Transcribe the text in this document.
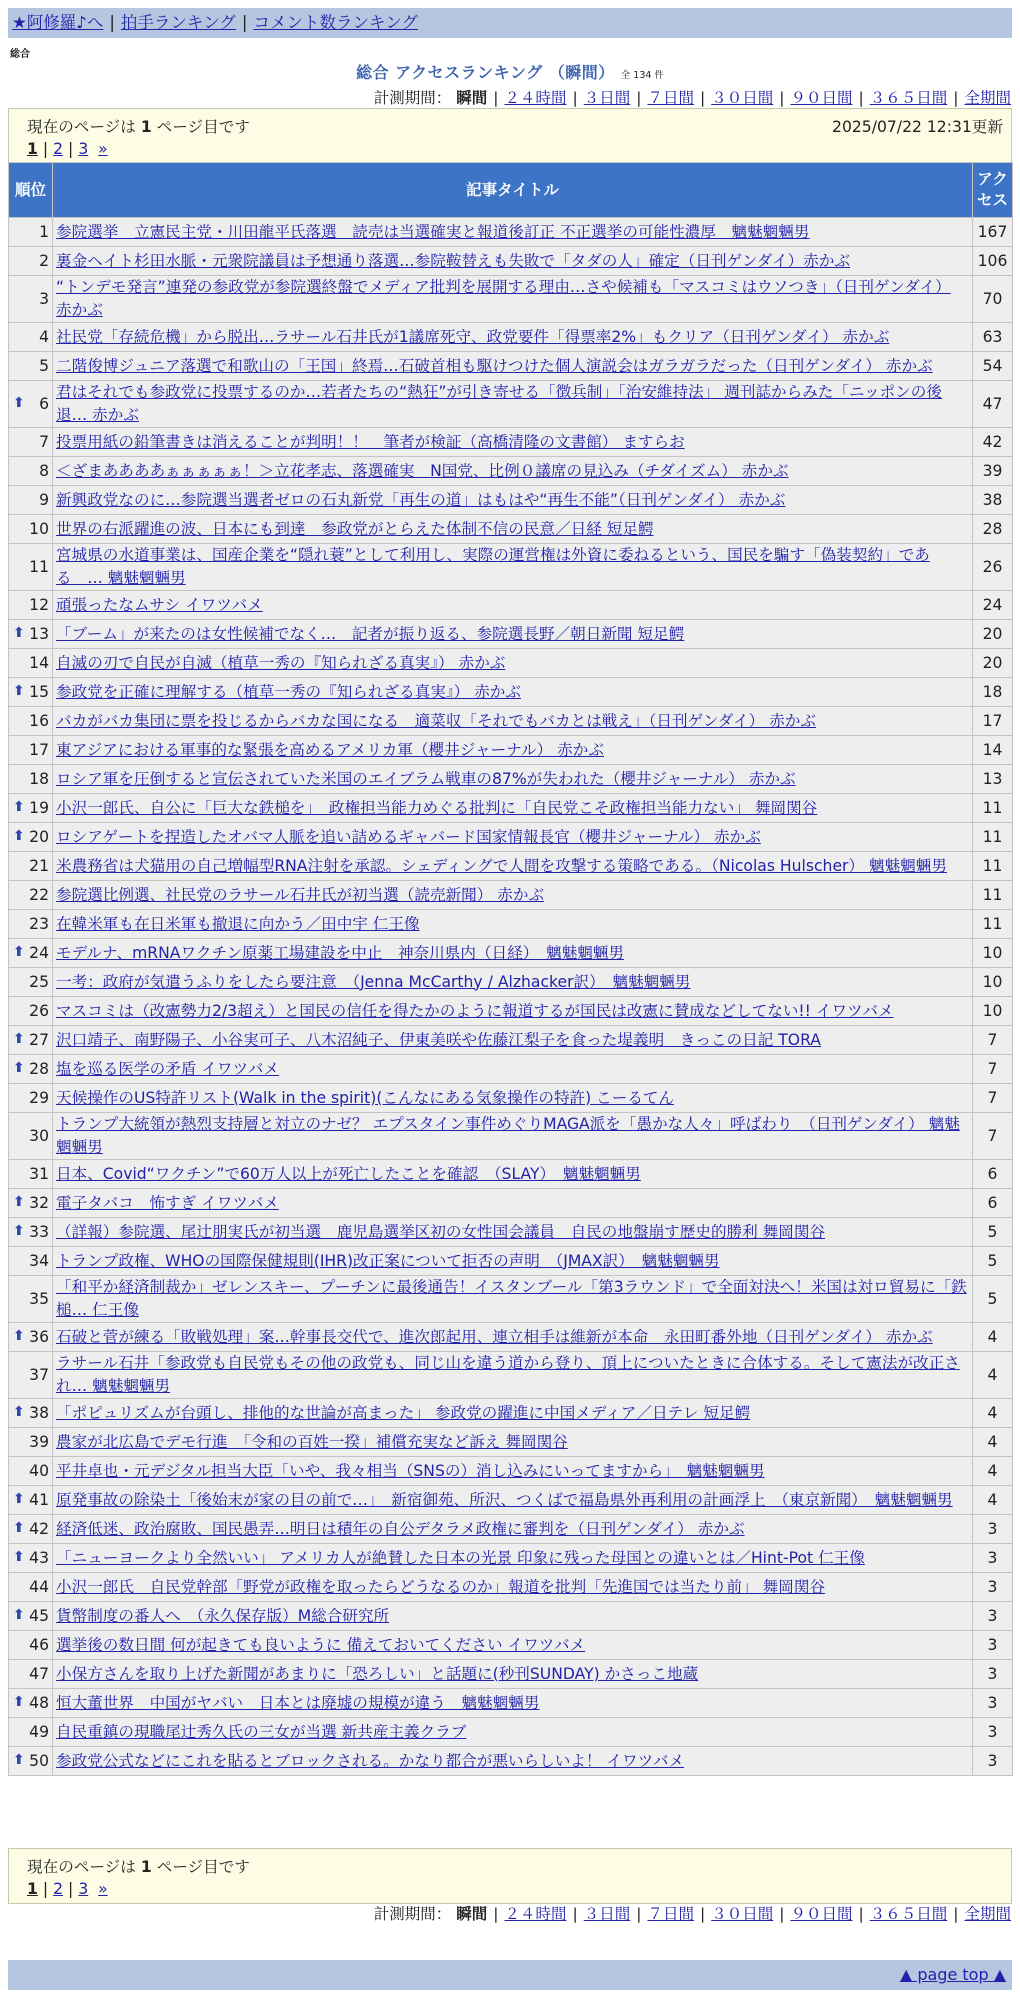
★阿修羅♪へ | 拍手ランキング | コメント数ランキング
総合
総合 アクセスランキング （瞬間） 全 134 件
計測期間： 瞬間 | ２４時間 | ３日間 | ７日間 | ３０日間 | ９０日間 | ３６５日間 | 全期間
現在のページは 1 ページ目です	2025/07/22 12:31更新
1 | 2 | 3 »
順位	記事タイトル	アクセス
1	参院選挙　立憲民主党・川田龍平氏落選　読売は当選確実と報道後訂正 不正選挙の可能性濃厚　魑魅魍魎男	167
2	裏金ヘイト杉田水脈・元衆院議員は予想通り落選…参院鞍替えも失敗で「タダの人」確定（日刊ゲンダイ）赤かぶ	106
3	“トンデモ発言”連発の参政党が参院選終盤でメディア批判を展開する理由…さや候補も「マスコミはウソつき」（日刊ゲンダイ） 赤かぶ	70
4	社民党「存続危機」から脱出…ラサール石井氏が1議席死守、政党要件「得票率2%」もクリア（日刊ゲンダイ） 赤かぶ	63
5	二階俊博ジュニア落選で和歌山の「王国」終焉…石破首相も駆けつけた個人演説会はガラガラだった（日刊ゲンダイ） 赤かぶ	54

⬆ 6	君はそれでも参政党に投票するのか…若者たちの“熱狂”が引き寄せる「徴兵制」「治安維持法」 週刊誌からみた「ニッポンの後退… 赤かぶ	47
7	投票用紙の鉛筆書きは消えることが判明！！　筆者が検証（高橋清隆の文書館） ますらお	42
8	＜ざまああああぁぁぁぁぁ！＞立花孝志、落選確実　N国党、比例０議席の見込み（チダイズム） 赤かぶ	39
9	新興政党なのに…参院選当選者ゼロの石丸新党「再生の道」はもはや“再生不能”（日刊ゲンダイ） 赤かぶ	38
10	世界の右派躍進の波、日本にも到達　参政党がとらえた体制不信の民意／日経 短足鰐	28
11	宮城県の水道事業は、国産企業を“隠れ蓑”として利用し、実際の運営権は外資に委ねるという、国民を騙す「偽装契約」である　… 魑魅魍魎男	26
12	頑張ったなムサシ イワツバメ	24

⬆ 13	「ブーム」が来たのは女性候補でなく…　記者が振り返る、参院選長野／朝日新聞 短足鰐	20
14	自滅の刃で自民が自滅（植草一秀の『知られざる真実』） 赤かぶ	20

⬆ 15	参政党を正確に理解する（植草一秀の『知られざる真実』） 赤かぶ	18
16	バカがバカ集団に票を投じるからバカな国になる　適菜収「それでもバカとは戦え」（日刊ゲンダイ） 赤かぶ	17
17	東アジアにおける軍事的な緊張を高めるアメリカ軍（櫻井ジャーナル） 赤かぶ	14
18	ロシア軍を圧倒すると宣伝されていた米国のエイブラム戦車の87%が失われた（櫻井ジャーナル） 赤かぶ	13

⬆ 19	小沢一郎氏、自公に「巨大な鉄槌を」　政権担当能力めぐる批判に「自民党こそ政権担当能力ない」 舞岡関谷	11

⬆ 20	ロシアゲートを捏造したオバマ人脈を追い詰めるギャバード国家情報長官（櫻井ジャーナル） 赤かぶ	11
21	米農務省は犬猫用の自己増幅型RNA注射を承認。シェディングで人間を攻撃する策略である。（Nicolas Hulscher） 魑魅魍魎男	11
22	参院選比例選、社民党のラサール石井氏が初当選（読売新聞） 赤かぶ	11
23	在韓米軍も在日米軍も撤退に向かう／田中宇 仁王像	11

⬆ 24	モデルナ、mRNAワクチン原薬工場建設を中止　神奈川県内（日経）　魑魅魍魎男	10
25	一考：政府が気遣うふりをしたら要注意　（Jenna McCarthy / Alzhacker訳）　魑魅魍魎男	10
26	マスコミは（改憲勢力2/3超え）と国民の信任を得たかのように報道するが国民は改憲に賛成などしてない!! イワツバメ	10

⬆ 27	沢口靖子、南野陽子、小谷実可子、八木沼純子、伊東美咲や佐藤江梨子を食った堤義明　きっこの日記 TORA	7

⬆ 28	塩を巡る医学の矛盾 イワツバメ	7
29	天候操作のUS特許リスト(Walk in the spirit)(こんなにある気象操作の特許) こーるてん	7
30	トランプ大統領が熱烈支持層と対立のナゼ？ エプスタイン事件めぐりMAGA派を「愚かな人々」呼ばわり　（日刊ゲンダイ） 魑魅魍魎男	7
31	日本、Covid“ワクチン”で60万人以上が死亡したことを確認　（SLAY）　魑魅魍魎男	6

⬆ 32	電子タバコ　怖すぎ イワツバメ	6

⬆ 33	（詳報）参院選、尾辻朋実氏が初当選　鹿児島選挙区初の女性国会議員　自民の地盤崩す歴史的勝利 舞岡関谷	5
34	トランプ政権、WHOの国際保健規則(IHR)改正案について拒否の声明　（JMAX訳）　魑魅魍魎男	5
35	「和平か経済制裁か」ゼレンスキー、プーチンに最後通告！イスタンブール「第3ラウンド」で全面対決へ！米国は対ロ貿易に「鉄槌… 仁王像	5

⬆ 36	石破と菅が練る「敗戦処理」案…幹事長交代で、進次郎起用、連立相手は維新が本命　永田町番外地（日刊ゲンダイ） 赤かぶ	4
37	ラサール石井「参政党も自民党もその他の政党も、同じ山を違う道から登り、頂上についたときに合体する。そして憲法が改正され… 魑魅魍魎男	4

⬆ 38	「ポピュリズムが台頭し、排他的な世論が高まった」 参政党の躍進に中国メディア／日テレ 短足鰐	4
39	農家が北広島でデモ行進　「令和の百姓一揆」補償充実など訴え 舞岡関谷	4
40	平井卓也・元デジタル担当大臣「いや、我々相当（SNSの）消し込みにいってますから」　魑魅魍魎男	4

⬆ 41	原発事故の除染土「後始末が家の目の前で…」　新宿御苑、所沢、つくばで福島県外再利用の計画浮上　（東京新聞）　魑魅魍魎男	4

⬆ 42	経済低迷、政治腐敗、国民愚弄…明日は積年の自公デタラメ政権に審判を（日刊ゲンダイ） 赤かぶ	3

⬆ 43	「ニューヨークより全然いい」 アメリカ人が絶賛した日本の光景 印象に残った母国との違いとは／Hint-Pot 仁王像	3
44	小沢一郎氏　自民党幹部「野党が政権を取ったらどうなるのか」報道を批判「先進国では当たり前」 舞岡関谷	3

⬆ 45	貨幣制度の番人へ　（永久保存版）M総合研究所	3
46	選挙後の数日間 何が起きても良いように 備えておいてください イワツバメ	3
47	小保方さんを取り上げた新聞があまりに「恐ろしい」と話題に(秒刊SUNDAY) かさっこ地蔵	3

⬆ 48	恒大董世界　中国がヤバい　日本とは廃墟の規模が違う　魑魅魍魎男	3
49	自民重鎮の現職尾辻秀久氏の三女が当選 新共産主義クラブ	3

⬆ 50	参政党公式などにこれを貼るとブロックされる。かなり都合が悪いらしいよ！ イワツバメ	3
計測期間： 瞬間 | ２４時間 | ３日間 | ７日間 | ３０日間 | ９０日間 | ３６５日間 | 全期間
現在のページは 1 ページ目です
1 | 2 | 3 »
▲ page top ▲
